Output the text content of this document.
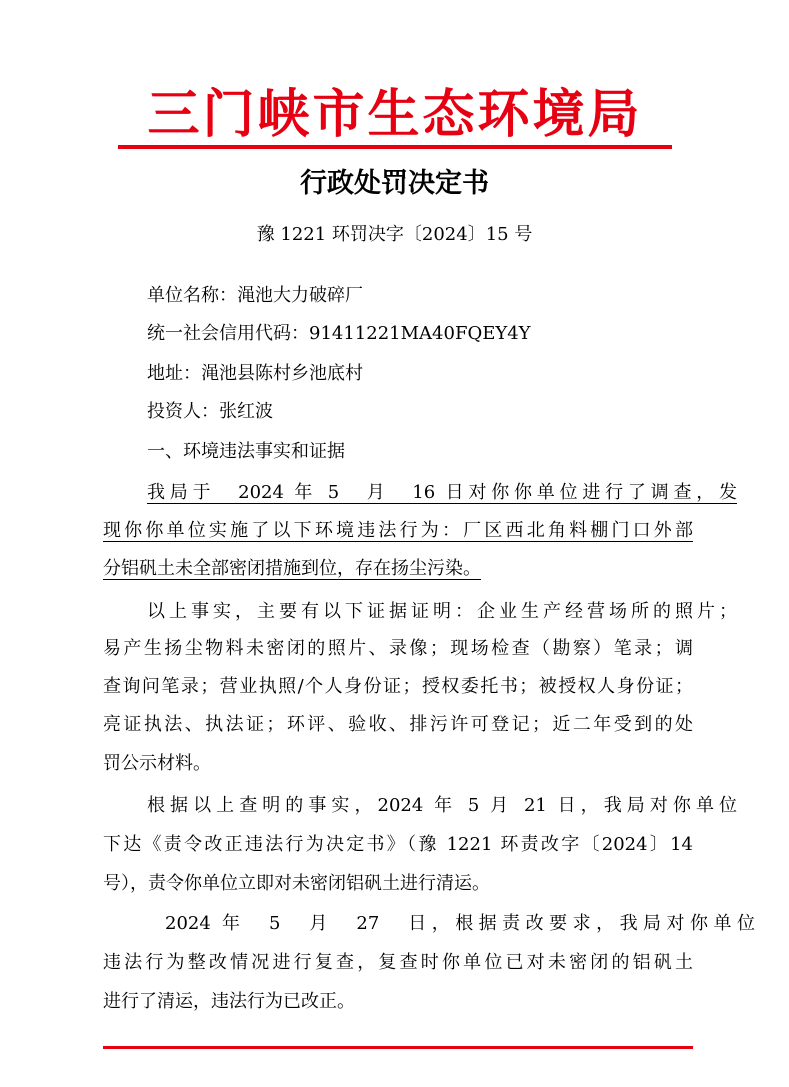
三门峡市生态环境局
行政处罚决定书
豫 1221 环罚决字〔2024〕15 号
单位名称：渑池大力破碎厂
统一社会信用代码：91411221MA40FQEY4Y
地址：渑池县陈村乡池底村
投资人：张红波
一、环境违法事实和证据
我局于　2024 年 5　月　16 日对你你单位进行了调查，发
现你你单位实施了以下环境违法行为：厂区西北角料棚门口外部
分铝矾土未全部密闭措施到位，存在扬尘污染。
以上事实，主要有以下证据证明：企业生产经营场所的照片；
易产生扬尘物料未密闭的照片、录像；现场检查（勘察）笔录；调
查询问笔录；营业执照/个人身份证；授权委托书；被授权人身份证；
亮证执法、执法证；环评、验收、排污许可登记；近二年受到的处
罚公示材料。
根据以上查明的事实，2024 年 5 月 21 日，我局对你单位
下达《责令改正违法行为决定书》（豫 1221 环责改字〔2024〕14
号），责令你单位立即对未密闭铝矾土进行清运。
2024 年　5　月　27　日，根据责改要求，我局对你单位
违法行为整改情况进行复查，复查时你单位已对未密闭的铝矾土
进行了清运，违法行为已改正。
